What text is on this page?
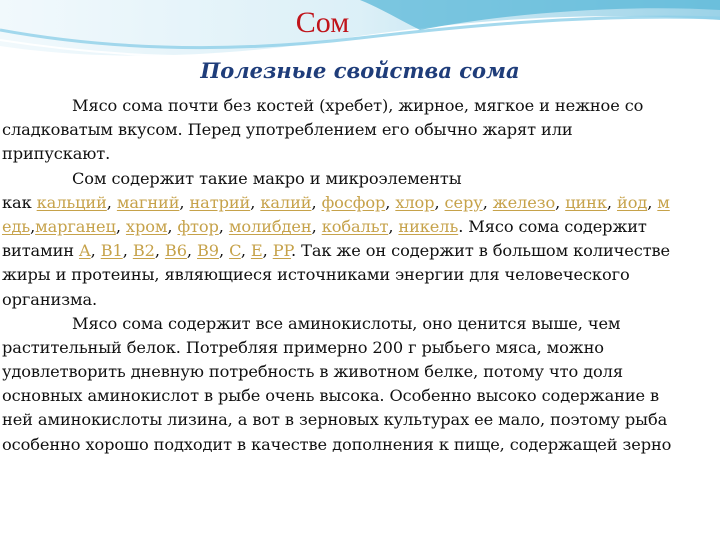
Сом
Полезные свойства сома
Мясо сома почти без костей (хребет), жирное, мягкое и нежное со
сладковатым вкусом. Перед употреблением его обычно жарят или
припускают.
Сом содержит такие макро и микроэлементы
как кальций, магний, натрий, калий, фосфор, хлор, серу, железо, цинк, йод, м
едь,марганец, хром, фтор, молибден, кобальт, никель. Мясо сома содержит
витамин A, B1, B2, B6, B9, C, E, PP. Так же он содержит в большом количестве
жиры и протеины, являющиеся источниками энергии для человеческого
организма.
Мясо сома содержит все аминокислоты, оно ценится выше, чем
растительный белок. Потребляя примерно 200 г рыбьего мяса, можно
удовлетворить дневную потребность в животном белке, потому что доля
основных аминокислот в рыбе очень высока. Особенно высоко содержание в
ней аминокислоты лизина, а вот в зерновых культурах ее мало, поэтому рыба
особенно хорошо подходит в качестве дополнения к пище, содержащей зерно
